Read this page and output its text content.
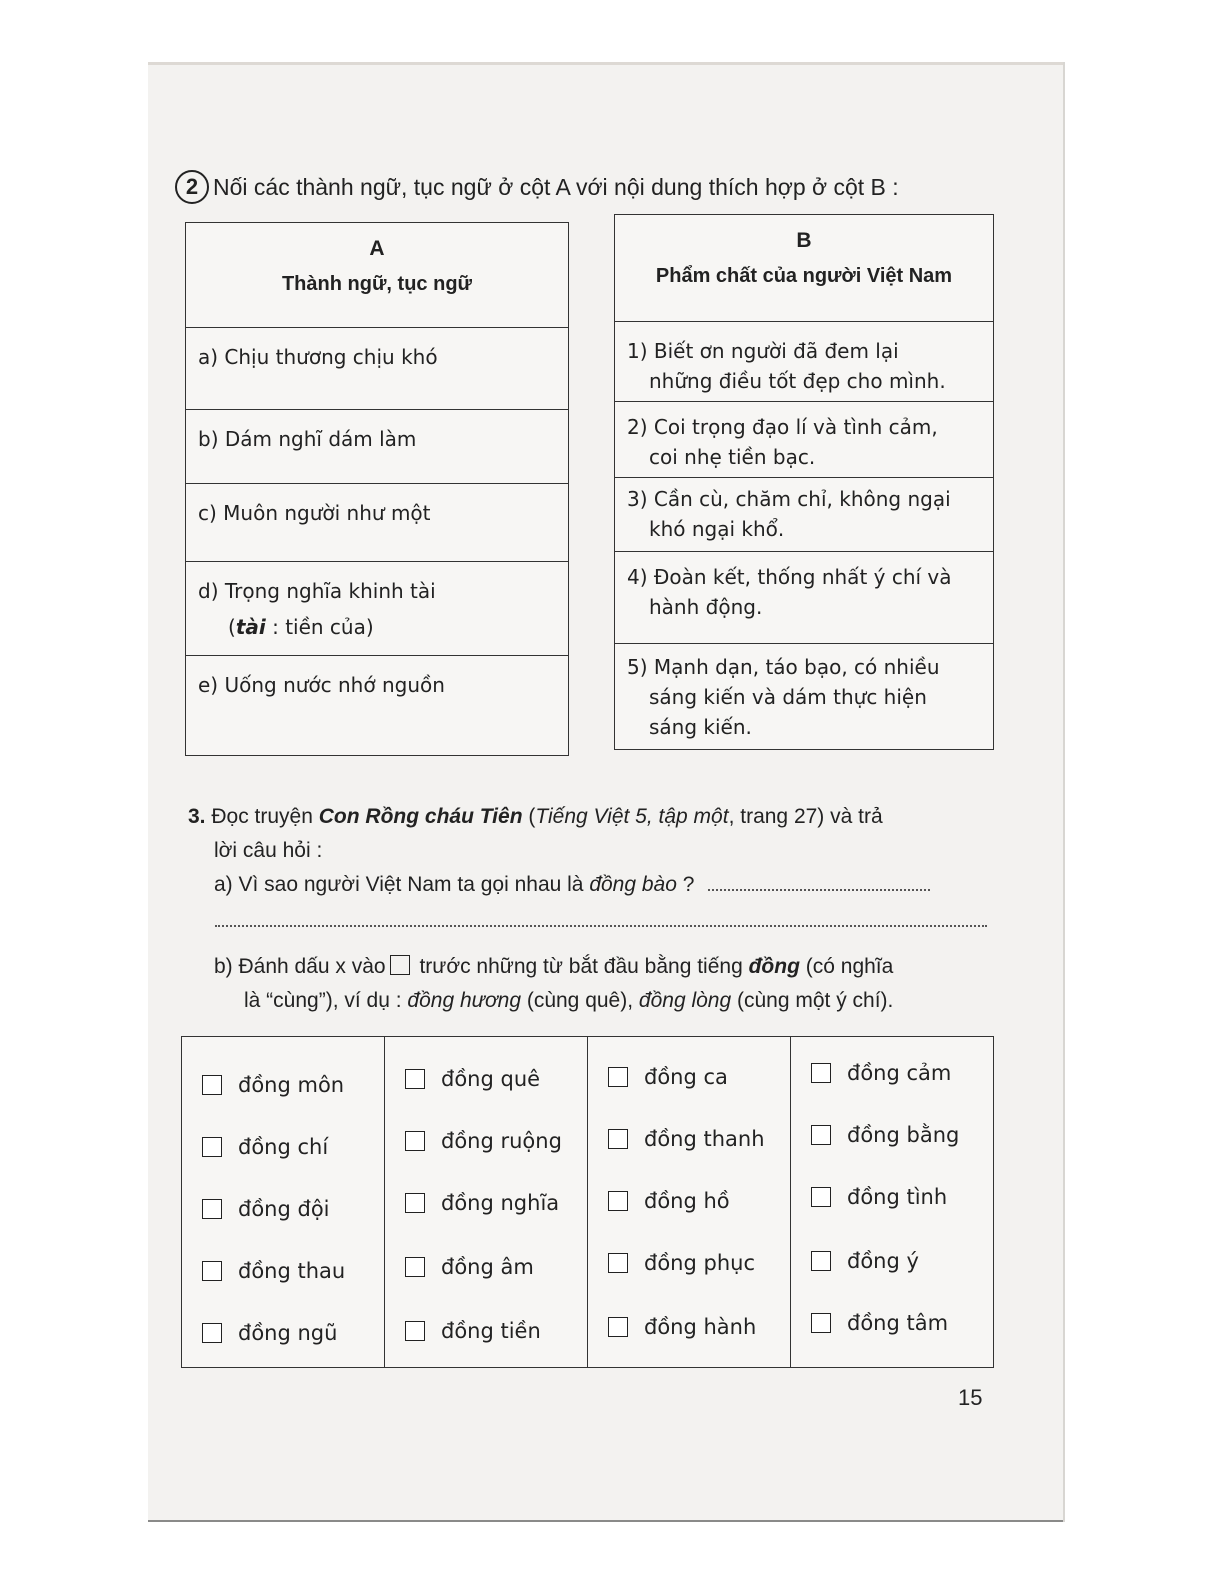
2 Nối các thành ngữ, tục ngữ ở cột A với nội dung thích hợp ở cột B :
A
Thành ngữ, tục ngữ
a) Chịu thương chịu khó
b) Dám nghĩ dám làm
c) Muôn người như một
d) Trọng nghĩa khinh tài
(tài : tiền của)
e) Uống nước nhớ nguồn
B
Phẩm chất của người Việt Nam
1) Biết ơn người đã đem lại
những điều tốt đẹp cho mình.
2) Coi trọng đạo lí và tình cảm,
coi nhẹ tiền bạc.
3) Cần cù, chăm chỉ, không ngại
khó ngại khổ.
4) Đoàn kết, thống nhất ý chí và
hành động.
5) Mạnh dạn, táo bạo, có nhiều
sáng kiến và dám thực hiện
sáng kiến.
3. Đọc truyện Con Rồng cháu Tiên (Tiếng Việt 5, tập một, trang 27) và trả
lời câu hỏi :
a) Vì sao người Việt Nam ta gọi nhau là đồng bào ?
b) Đánh dấu x vào trước những từ bắt đầu bằng tiếng đồng (có nghĩa
là “cùng”), ví dụ : đồng hương (cùng quê), đồng lòng (cùng một ý chí).
đồng môn
đồng chí
đồng đội
đồng thau
đồng ngũ
đồng quê
đồng ruộng
đồng nghĩa
đồng âm
đồng tiền
đồng ca
đồng thanh
đồng hồ
đồng phục
đồng hành
đồng cảm
đồng bằng
đồng tình
đồng ý
đồng tâm
15
